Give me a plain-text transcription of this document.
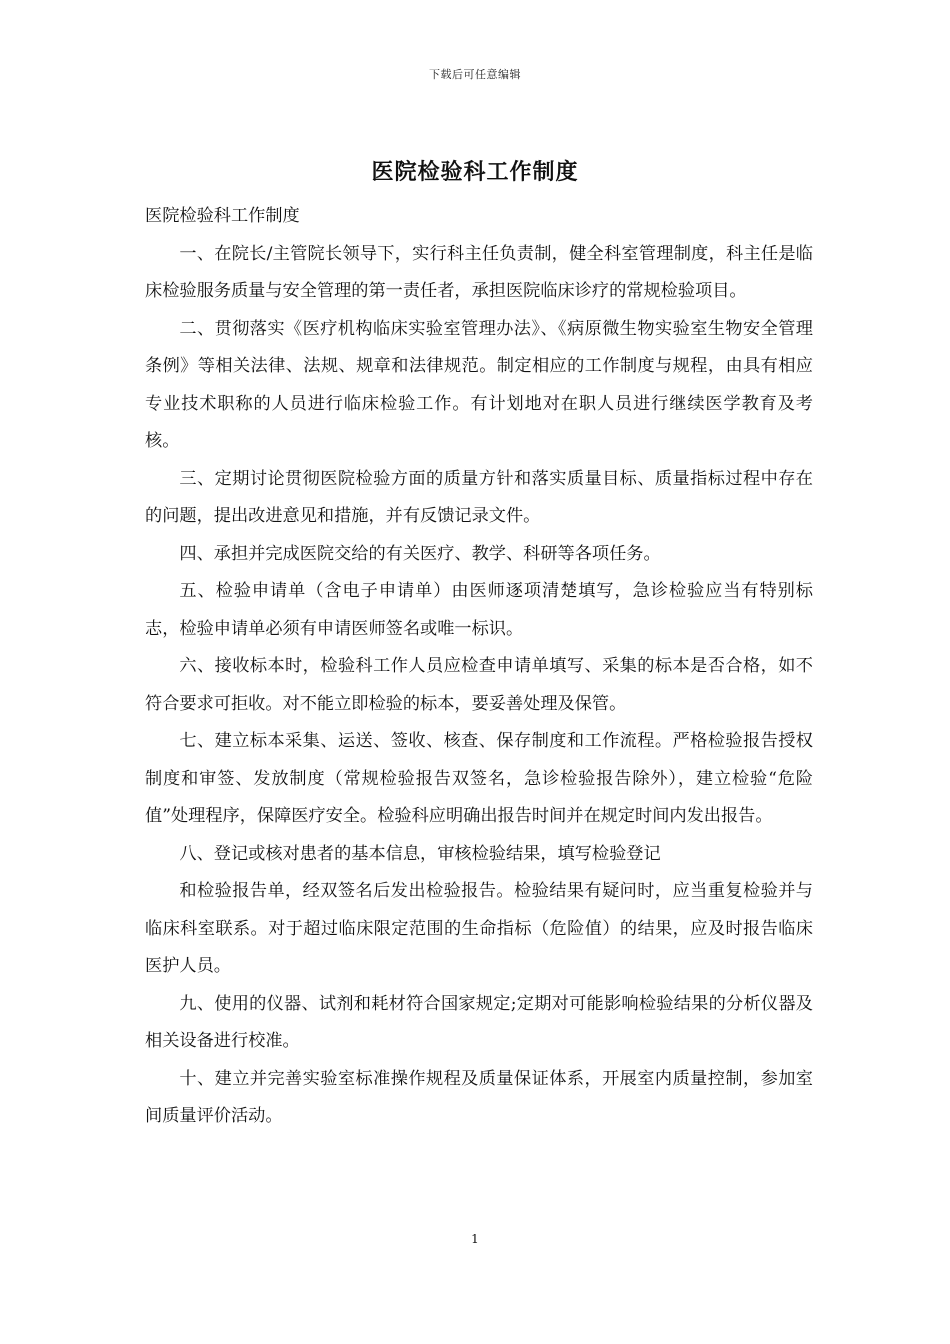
下载后可任意编辑
医院检验科工作制度

医院检验科工作制度

一、在院长/主管院长领导下，实行科主任负责制，健全科室管理制度，科主任是临床检验服务质量与安全管理的第一责任者，承担医院临床诊疗的常规检验项目。

二、贯彻落实《医疗机构临床实验室管理办法》、《病原微生物实验室生物安全管理条例》等相关法律、法规、规章和法律规范。制定相应的工作制度与规程，由具有相应专业技术职称的人员进行临床检验工作。有计划地对在职人员进行继续医学教育及考核。

三、定期讨论贯彻医院检验方面的质量方针和落实质量目标、质量指标过程中存在的问题，提出改进意见和措施，并有反馈记录文件。

四、承担并完成医院交给的有关医疗、教学、科研等各项任务。

五、检验申请单（含电子申请单）由医师逐项清楚填写，急诊检验应当有特别标志，检验申请单必须有申请医师签名或唯一标识。

六、接收标本时，检验科工作人员应检查申请单填写、采集的标本是否合格，如不符合要求可拒收。对不能立即检验的标本，要妥善处理及保管。

七、建立标本采集、运送、签收、核查、保存制度和工作流程。严格检验报告授权制度和审签、发放制度（常规检验报告双签名，急诊检验报告除外），建立检验“危险值”处理程序，保障医疗安全。检验科应明确出报告时间并在规定时间内发出报告。

八、登记或核对患者的基本信息，审核检验结果，填写检验登记

和检验报告单，经双签名后发出检验报告。检验结果有疑问时，应当重复检验并与临床科室联系。对于超过临床限定范围的生命指标（危险值）的结果，应及时报告临床医护人员。

九、使用的仪器、试剂和耗材符合国家规定;定期对可能影响检验结果的分析仪器及相关设备进行校准。

十、建立并完善实验室标准操作规程及质量保证体系，开展室内质量控制，参加室间质量评价活动。

1
